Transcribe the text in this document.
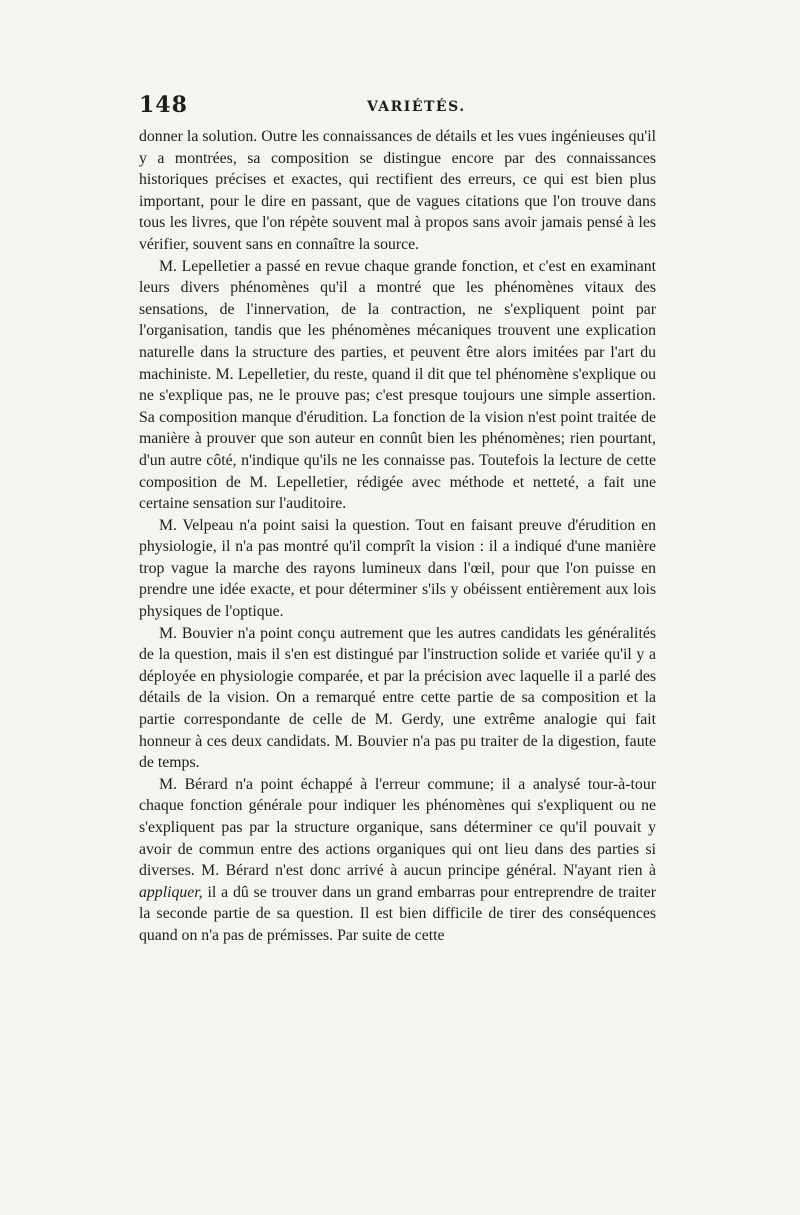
148	VARIÉTÉS.

donner la solution. Outre les connaissances de détails et les vues ingénieuses qu'il y a montrées, sa composition se distingue encore par des connaissances historiques précises et exactes, qui rectifient des erreurs, ce qui est bien plus important, pour le dire en passant, que de vagues citations que l'on trouve dans tous les livres, que l'on répète souvent mal à propos sans avoir jamais pensé à les vérifier, souvent sans en connaître la source.

M. Lepelletier a passé en revue chaque grande fonction, et c'est en examinant leurs divers phénomènes qu'il a montré que les phénomènes vitaux des sensations, de l'innervation, de la contraction, ne s'expliquent point par l'organisation, tandis que les phénomènes mécaniques trouvent une explication naturelle dans la structure des parties, et peuvent être alors imitées par l'art du machiniste. M. Lepelletier, du reste, quand il dit que tel phénomène s'explique ou ne s'explique pas, ne le prouve pas; c'est presque toujours une simple assertion. Sa composition manque d'érudition. La fonction de la vision n'est point traitée de manière à prouver que son auteur en connût bien les phénomènes; rien pourtant, d'un autre côté, n'indique qu'ils ne les connaisse pas. Toutefois la lecture de cette composition de M. Lepelletier, rédigée avec méthode et netteté, a fait une certaine sensation sur l'auditoire.

M. Velpeau n'a point saisi la question. Tout en faisant preuve d'érudition en physiologie, il n'a pas montré qu'il comprît la vision : il a indiqué d'une manière trop vague la marche des rayons lumineux dans l'œil, pour que l'on puisse en prendre une idée exacte, et pour déterminer s'ils y obéissent entièrement aux lois physiques de l'optique.

M. Bouvier n'a point conçu autrement que les autres candidats les généralités de la question, mais il s'en est distingué par l'instruction solide et variée qu'il y a déployée en physiologie comparée, et par la précision avec laquelle il a parlé des détails de la vision. On a remarqué entre cette partie de sa composition et la partie correspondante de celle de M. Gerdy, une extrême analogie qui fait honneur à ces deux candidats. M. Bouvier n'a pas pu traiter de la digestion, faute de temps.

M. Bérard n'a point échappé à l'erreur commune; il a analysé tour-à-tour chaque fonction générale pour indiquer les phénomènes qui s'expliquent ou ne s'expliquent pas par la structure organique, sans déterminer ce qu'il pouvait y avoir de commun entre des actions organiques qui ont lieu dans des parties si diverses. M. Bérard n'est donc arrivé à aucun principe général. N'ayant rien à appliquer, il a dû se trouver dans un grand embarras pour entreprendre de traiter la seconde partie de sa question. Il est bien difficile de tirer des conséquences quand on n'a pas de prémisses. Par suite de cette
